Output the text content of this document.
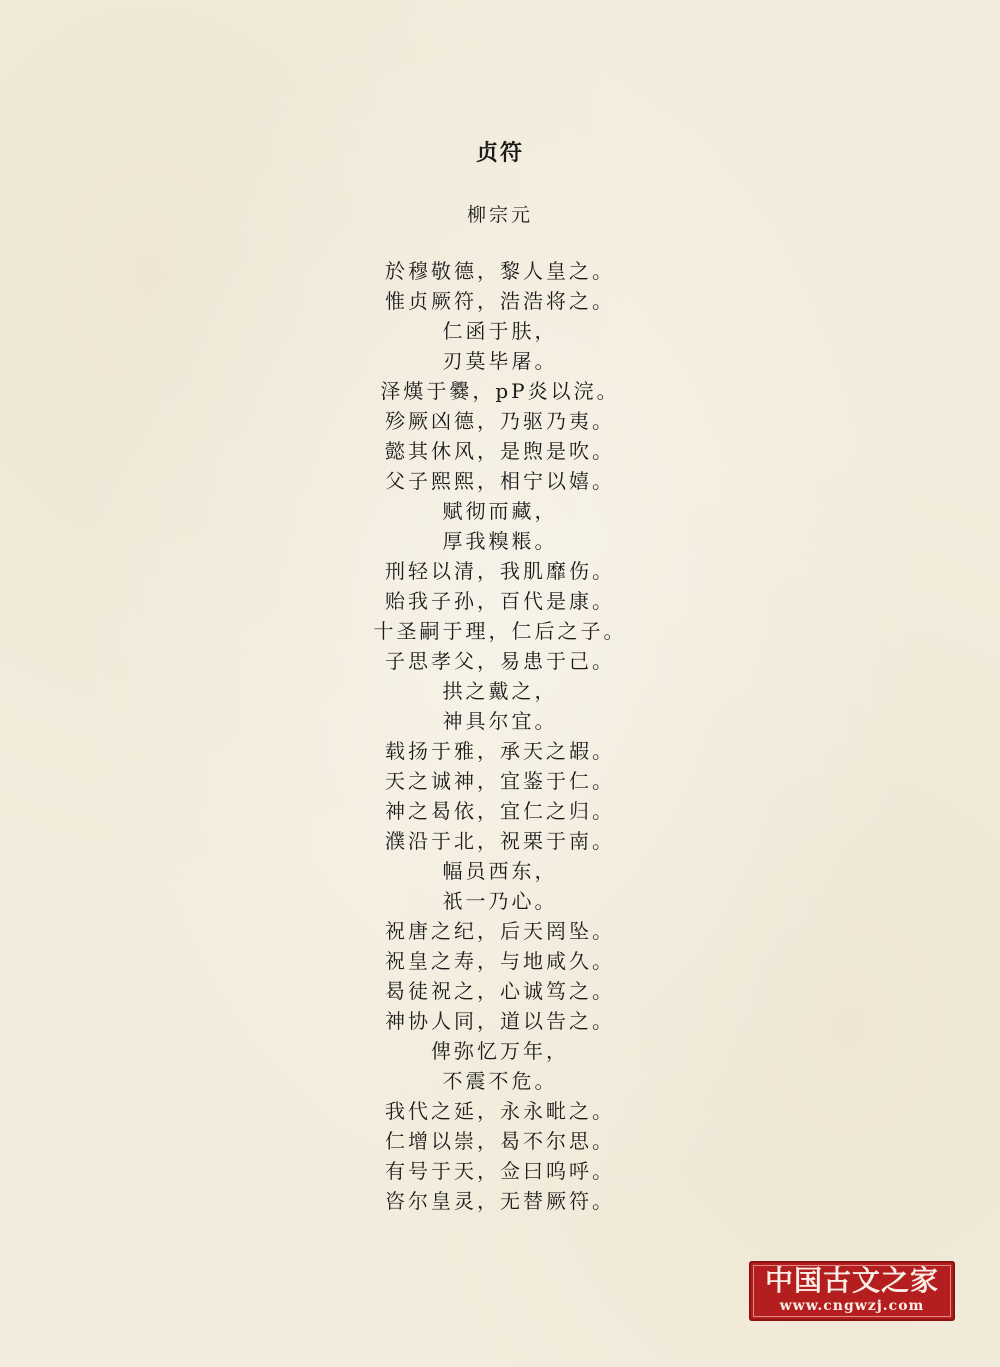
贞符
柳宗元
於穆敬德，黎人皇之。
惟贞厥符，浩浩将之。
仁函于肤，
刃莫毕屠。
泽熯于爨，pP炎以浣。
殄厥凶德，乃驱乃夷。
懿其休风，是煦是吹。
父子熙熙，相宁以嬉。
赋彻而藏，
厚我糗粻。
刑轻以清，我肌靡伤。
贻我子孙，百代是康。
十圣嗣于理，仁后之子。
子思孝父，易患于己。
拱之戴之，
神具尔宜。
载扬于雅，承天之嘏。
天之诚神，宜鉴于仁。
神之曷依，宜仁之归。
濮沿于北，祝栗于南。
幅员西东，
祇一乃心。
祝唐之纪，后天罔坠。
祝皇之寿，与地咸久。
曷徒祝之，心诚笃之。
神协人同，道以告之。
俾弥忆万年，
不震不危。
我代之延，永永毗之。
仁增以崇，曷不尔思。
有号于天，佥曰呜呼。
咨尔皇灵，无替厥符。
中国古文之家
www.cngwzj.com
